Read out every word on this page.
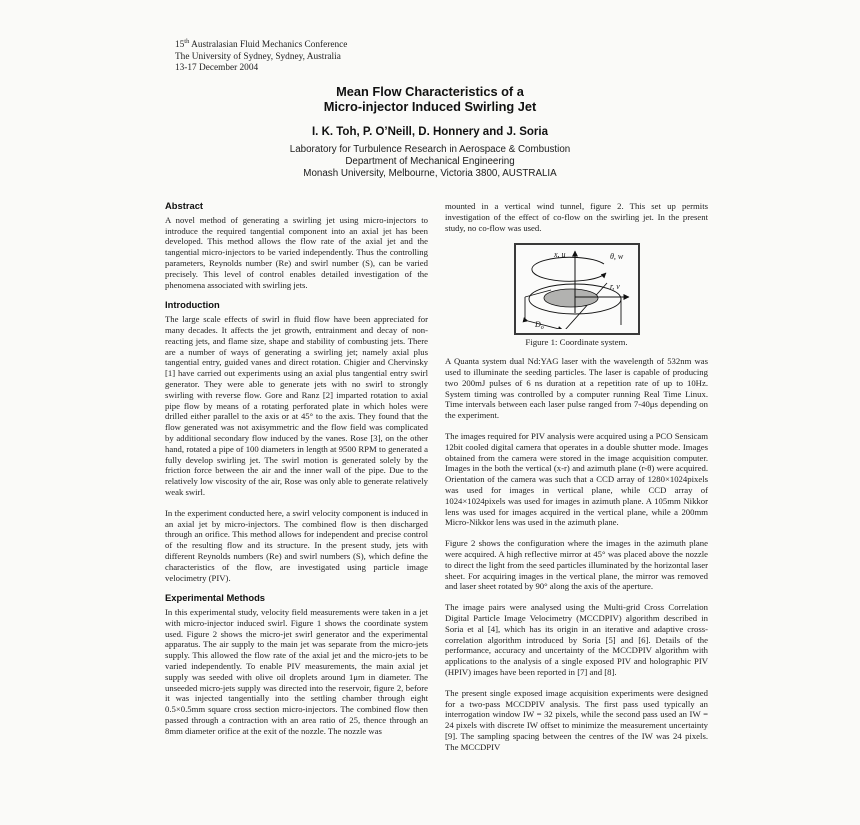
15th Australasian Fluid Mechanics Conference
The University of Sydney, Sydney, Australia
13-17 December 2004
Mean Flow Characteristics of a
Micro-injector Induced Swirling Jet
I. K. Toh, P. O’Neill, D. Honnery and J. Soria
Laboratory for Turbulence Research in Aerospace & Combustion
Department of Mechanical Engineering
Monash University, Melbourne, Victoria 3800, AUSTRALIA
Abstract

A novel method of generating a swirling jet using micro-injectors to introduce the required tangential component into an axial jet has been developed. This method allows the flow rate of the axial jet and the tangential micro-injectors to be varied independently. Thus the controlling parameters, Reynolds number (Re) and swirl number (S), can be varied precisely. This level of control enables detailed investigation of the phenomena associated with swirling jets.

Introduction

The large scale effects of swirl in fluid flow have been appreciated for many decades. It affects the jet growth, entrainment and decay of non-reacting jets, and flame size, shape and stability of combusting jets. There are a number of ways of generating a swirling jet; namely axial plus tangential entry, guided vanes and direct rotation. Chigier and Chervinsky [1] have carried out experiments using an axial plus tangential entry swirl generator. They were able to generate jets with no swirl to strongly swirling with reverse flow. Gore and Ranz [2] imparted rotation to axial pipe flow by means of a rotating perforated plate in which holes were drilled either parallel to the axis or at 45° to the axis. They found that the flow generated was not axisymmetric and the flow field was complicated by additional secondary flow induced by the vanes. Rose [3], on the other hand, rotated a pipe of 100 diameters in length at 9500 RPM to generated a fully develop swirling jet. The swirl motion is generated solely by the friction force between the air and the inner wall of the pipe. Due to the relatively low viscosity of the air, Rose was only able to generate relatively weak swirl.

In the experiment conducted here, a swirl velocity component is induced in an axial jet by micro-injectors. The combined flow is then discharged through an orifice. This method allows for independent and precise control of the resulting flow and its structure. In the present study, jets with different Reynolds numbers (Re) and swirl numbers (S), which define the characteristics of the flow, are investigated using particle image velocimetry (PIV).

Experimental Methods

In this experimental study, velocity field measurements were taken in a jet with micro-injector induced swirl. Figure 1 shows the coordinate system used. Figure 2 shows the micro-jet swirl generator and the experimental apparatus. The air supply to the main jet was separate from the micro-jets supply. This allowed the flow rate of the axial jet and the micro-jets to be varied independently. To enable PIV measurements, the main axial jet supply was seeded with olive oil droplets around 1μm in diameter. The unseeded micro-jets supply was directed into the reservoir, figure 2, before it was injected tangentially into the settling chamber through eight 0.5×0.5mm square cross section micro-injectors. The combined flow then passed through a contraction with an area ratio of 25, thence through an 8mm diameter orifice at the exit of the nozzle. The nozzle was

mounted in a vertical wind tunnel, figure 2. This set up permits investigation of the effect of co-flow on the swirling jet. In the present study, no co-flow was used.

x, u	θ, w
r, v
$D_o$
Figure 1: Coordinate system.

A Quanta system dual Nd:YAG laser with the wavelength of 532nm was used to illuminate the seeding particles. The laser is capable of producing two 200mJ pulses of 6 ns duration at a repetition rate of up to 10Hz. System timing was controlled by a computer running Real Time Linux. Time intervals between each laser pulse ranged from 7-40μs depending on the experiment.

The images required for PIV analysis were acquired using a PCO Sensicam 12bit cooled digital camera that operates in a double shutter mode. Images obtained from the camera were stored in the image acquisition computer. Images in the both the vertical (x-r) and azimuth plane (r-θ) were acquired. Orientation of the camera was such that a CCD array of 1280×1024pixels was used for images in vertical plane, while CCD array of 1024×1024pixels was used for images in azimuth plane. A 105mm Nikkor lens was used for images acquired in the vertical plane, while a 200mm Micro-Nikkor lens was used in the azimuth plane.

Figure 2 shows the configuration where the images in the azimuth plane were acquired. A high reflective mirror at 45° was placed above the nozzle to direct the light from the seed particles illuminated by the horizontal laser sheet. For acquiring images in the vertical plane, the mirror was removed and laser sheet rotated by 90° along the axis of the aperture.

The image pairs were analysed using the Multi-grid Cross Correlation Digital Particle Image Velocimetry (MCCDPIV) algorithm described in Soria et al [4], which has its origin in an iterative and adaptive cross-correlation algorithm introduced by Soria [5] and [6]. Details of the performance, accuracy and uncertainty of the MCCDPIV algorithm with applications to the analysis of a single exposed PIV and holographic PIV (HPIV) images have been reported in [7] and [8].

The present single exposed image acquisition experiments were designed for a two-pass MCCDPIV analysis. The first pass used typically an interrogation window IW = 32 pixels, while the second pass used an IW = 24 pixels with discrete IW offset to minimize the measurement uncertainty [9]. The sampling spacing between the centres of the IW was 24 pixels. The MCCDPIV
